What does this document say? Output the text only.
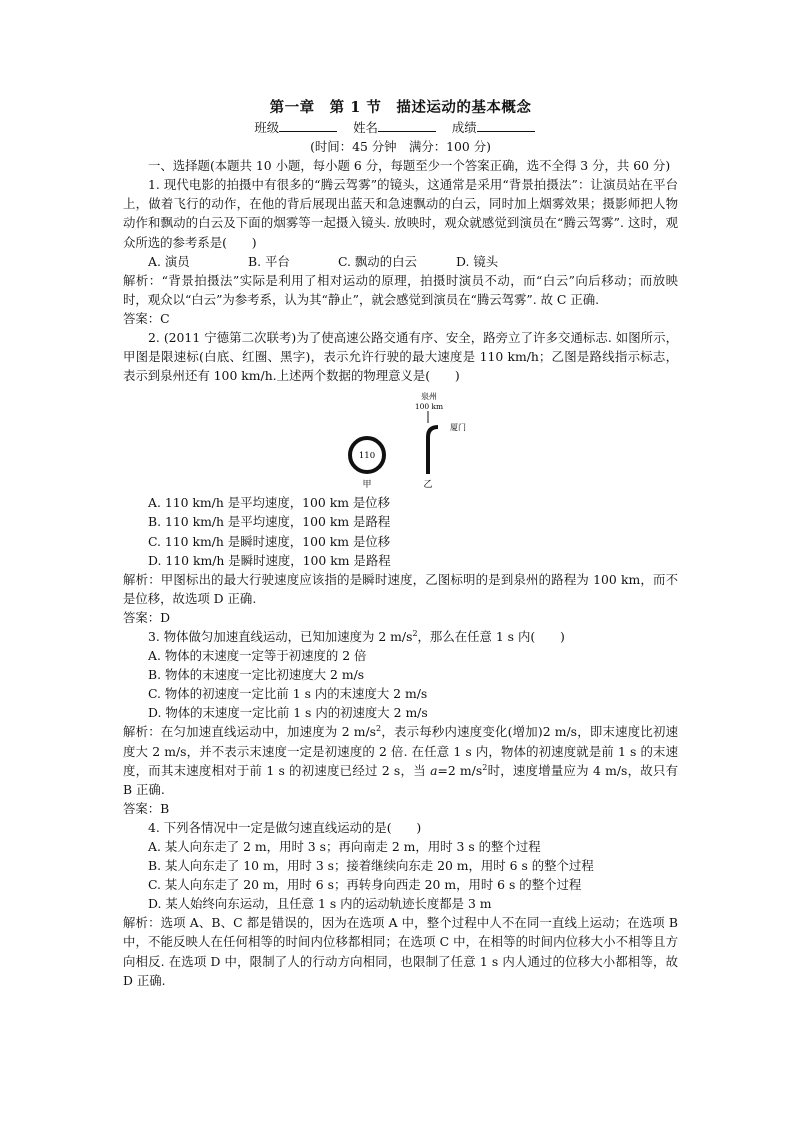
第一章　第 1 节　描述运动的基本概念
班级	姓名	成绩
(时间：45 分钟　满分：100 分)

一、选择题(本题共 10 小题，每小题 6 分，每题至少一个答案正确，选不全得 3 分，共 60 分)

1. 现代电影的拍摄中有很多的“腾云驾雾”的镜头，这通常是采用“背景拍摄法”：让演员站在平台上，做着飞行的动作，在他的背后展现出蓝天和急速飘动的白云，同时加上烟雾效果；摄影师把人物动作和飘动的白云及下面的烟雾等一起摄入镜头. 放映时，观众就感觉到演员在“腾云驾雾”. 这时，观众所选的参考系是(　　)

A. 演员	B. 平台	C. 飘动的白云	D. 镜头

解析：“背景拍摄法”实际是利用了相对运动的原理，拍摄时演员不动，而“白云”向后移动；而放映时，观众以“白云”为参考系，认为其“静止”，就会感觉到演员在“腾云驾雾”. 故 C 正确.

答案：C

2. (2011 宁德第二次联考)为了使高速公路交通有序、安全，路旁立了许多交通标志. 如图所示，甲图是限速标(白底、红圈、黑字)，表示允许行驶的最大速度是 110 km/h；乙图是路线指示标志，表示到泉州还有 100 km/h.上述两个数据的物理意义是(　　)

110
甲
泉州
100 km
厦门
乙

A. 110 km/h 是平均速度，100 km 是位移

B. 110 km/h 是平均速度，100 km 是路程

C. 110 km/h 是瞬时速度，100 km 是位移

D. 110 km/h 是瞬时速度，100 km 是路程

解析：甲图标出的最大行驶速度应该指的是瞬时速度，乙图标明的是到泉州的路程为 100 km，而不是位移，故选项 D 正确.

答案：D

3. 物体做匀加速直线运动，已知加速度为 2 $m/s^2$，那么在任意 1 s 内(　　)

A. 物体的末速度一定等于初速度的 2 倍

B. 物体的末速度一定比初速度大 2 m/s

C. 物体的初速度一定比前 1 s 内的末速度大 2 m/s

D. 物体的末速度一定比前 1 s 内的初速度大 2 m/s

解析：在匀加速直线运动中，加速度为 2 $m/s^2$，表示每秒内速度变化(增加)2 m/s，即末速度比初速度大 2 m/s，并不表示末速度一定是初速度的 2 倍. 在任意 1 s 内，物体的初速度就是前 1 s 的末速度，而其末速度相对于前 1 s 的初速度已经过 2 s，当 a=2 $m/s^2$时，速度增量应为 4 m/s，故只有 B 正确.

答案：B

4. 下列各情况中一定是做匀速直线运动的是(　　)

A. 某人向东走了 2 m，用时 3 s；再向南走 2 m，用时 3 s 的整个过程

B. 某人向东走了 10 m，用时 3 s；接着继续向东走 20 m，用时 6 s 的整个过程

C. 某人向东走了 20 m，用时 6 s；再转身向西走 20 m，用时 6 s 的整个过程

D. 某人始终向东运动，且任意 1 s 内的运动轨迹长度都是 3 m

解析：选项 A、B、C 都是错误的，因为在选项 A 中，整个过程中人不在同一直线上运动；在选项 B 中，不能反映人在任何相等的时间内位移都相同；在选项 C 中，在相等的时间内位移大小不相等且方向相反. 在选项 D 中，限制了人的行动方向相同，也限制了任意 1 s 内人通过的位移大小都相等，故 D 正确.
